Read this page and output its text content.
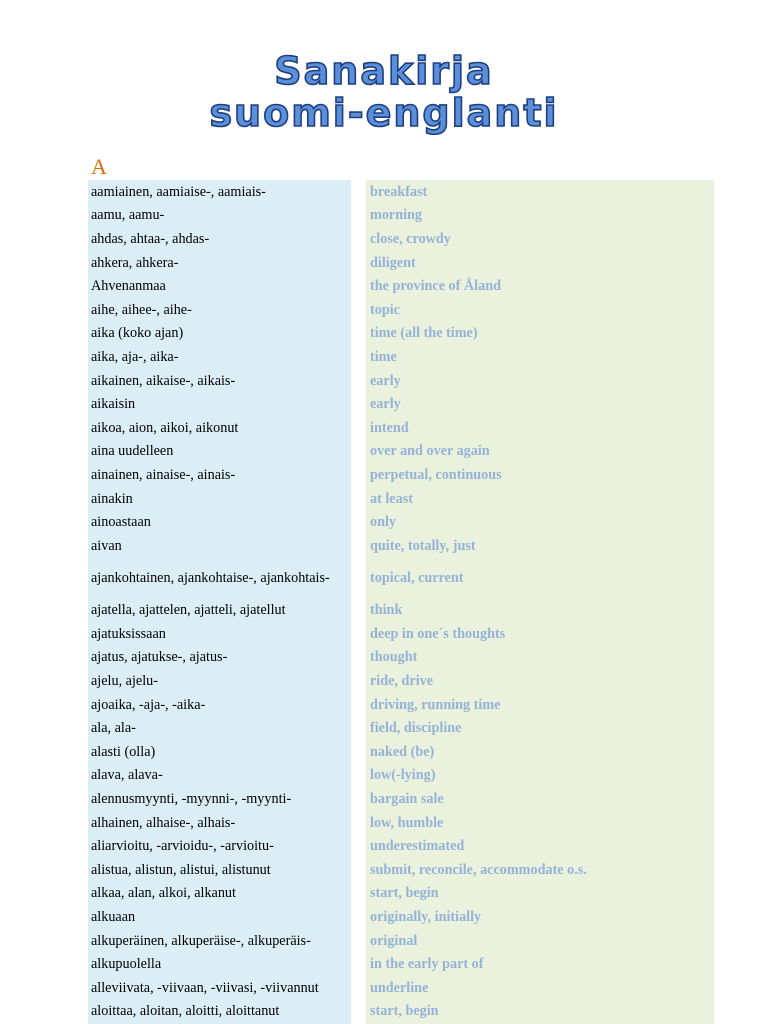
Sanakirja
suomi-englanti
A
aamiainen, aamiaise-, aamiais-
aamu, aamu-
ahdas, ahtaa-, ahdas-
ahkera, ahkera-
Ahvenanmaa
aihe, aihee-, aihe-
aika (koko ajan)
aika, aja-, aika-
aikainen, aikaise-, aikais-
aikaisin
aikoa, aion, aikoi, aikonut
aina uudelleen
ainainen, ainaise-, ainais-
ainakin
ainoastaan
aivan
ajankohtainen, ajankohtaise-, ajankohtais-
ajatella, ajattelen, ajatteli, ajatellut
ajatuksissaan
ajatus, ajatukse-, ajatus-
ajelu, ajelu-
ajoaika, -aja-, -aika-
ala, ala-
alasti (olla)
alava, alava-
alennusmyynti, -myynni-, -myynti-
alhainen, alhaise-, alhais-
aliarvioitu, -arvioidu-, -arvioitu-
alistua, alistun, alistui, alistunut
alkaa, alan, alkoi, alkanut
alkuaan
alkuperäinen, alkuperäise-, alkuperäis-
alkupuolella
alleviivata, -viivaan, -viivasi, -viivannut
aloittaa, aloitan, aloitti, aloittanut
breakfast
morning
close, crowdy
diligent
the province of Åland
topic
time (all the time)
time
early
early
intend
over and over again
perpetual, continuous
at least
only
quite, totally, just
topical, current
think
deep in one´s thoughts
thought
ride, drive
driving, running time
field, discipline
naked (be)
low(-lying)
bargain sale
low, humble
underestimated
submit, reconcile, accommodate o.s.
start, begin
originally, initially
original
in the early part of
underline
start, begin
